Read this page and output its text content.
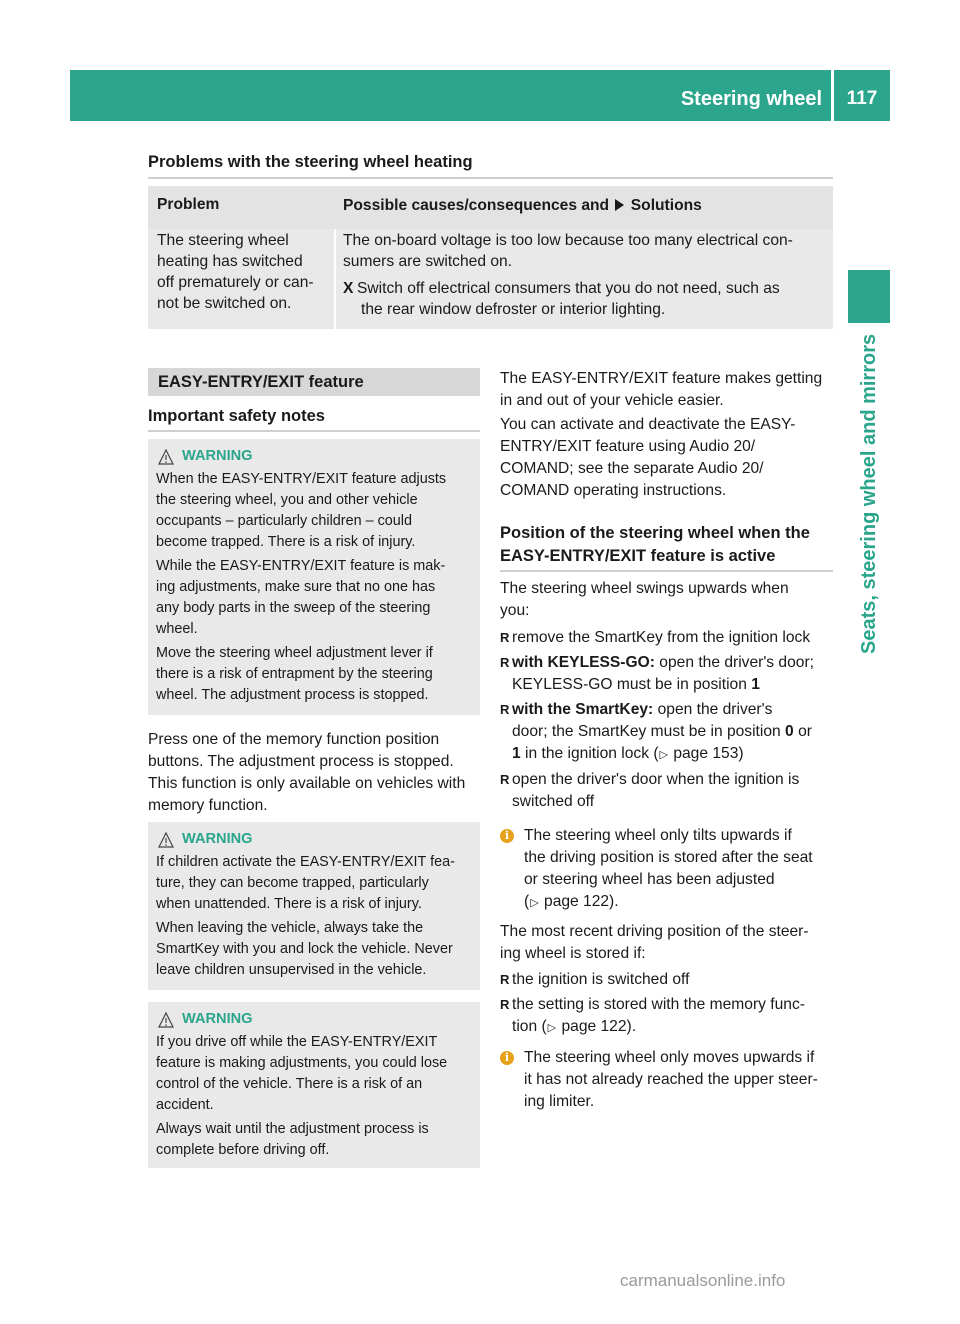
Steering wheel	117
Seats, steering wheel and mirrors
Problems with the steering wheel heating
Problem	Possible causes/consequences and Solutions
The steering wheel
heating has switched
off prematurely or can-
not be switched on.
The on-board voltage is too low because too many electrical con-
sumers are switched on.
X Switch off electrical consumers that you do not need, such as
the rear window defroster or interior lighting.
EASY-ENTRY/EXIT feature
Important safety notes
WARNING

When the EASY-ENTRY/EXIT feature adjusts
the steering wheel, you and other vehicle
occupants – particularly children – could
become trapped. There is a risk of injury.

While the EASY-ENTRY/EXIT feature is mak-
ing adjustments, make sure that no one has
any body parts in the sweep of the steering
wheel.

Move the steering wheel adjustment lever if
there is a risk of entrapment by the steering
wheel. The adjustment process is stopped.

Press one of the memory function position
buttons. The adjustment process is stopped.
This function is only available on vehicles with
memory function.
WARNING

If children activate the EASY-ENTRY/EXIT fea-
ture, they can become trapped, particularly
when unattended. There is a risk of injury.

When leaving the vehicle, always take the
SmartKey with you and lock the vehicle. Never
leave children unsupervised in the vehicle.

WARNING

If you drive off while the EASY-ENTRY/EXIT
feature is making adjustments, you could lose
control of the vehicle. There is a risk of an
accident.

Always wait until the adjustment process is
complete before driving off.

The EASY-ENTRY/EXIT feature makes getting
in and out of your vehicle easier.
You can activate and deactivate the EASY-
ENTRY/EXIT feature using Audio 20/
COMAND; see the separate Audio 20/
COMAND operating instructions.
Position of the steering wheel when the
EASY-ENTRY/EXIT feature is active
The steering wheel swings upwards when
you:
R remove the SmartKey from the ignition lock
R with KEYLESS-GO: open the driver's door;
KEYLESS-GO must be in position 1
R with the SmartKey: open the driver's
door; the SmartKey must be in position 0 or
1 in the ignition lock (▷ page 153)
R open the driver's door when the ignition is
switched off
i The steering wheel only tilts upwards if
the driving position is stored after the seat
or steering wheel has been adjusted
(▷ page 122).
The most recent driving position of the steer-
ing wheel is stored if:
R the ignition is switched off
R the setting is stored with the memory func-
tion (▷ page 122).
i The steering wheel only moves upwards if
it has not already reached the upper steer-
ing limiter.
carmanualsonline.info
